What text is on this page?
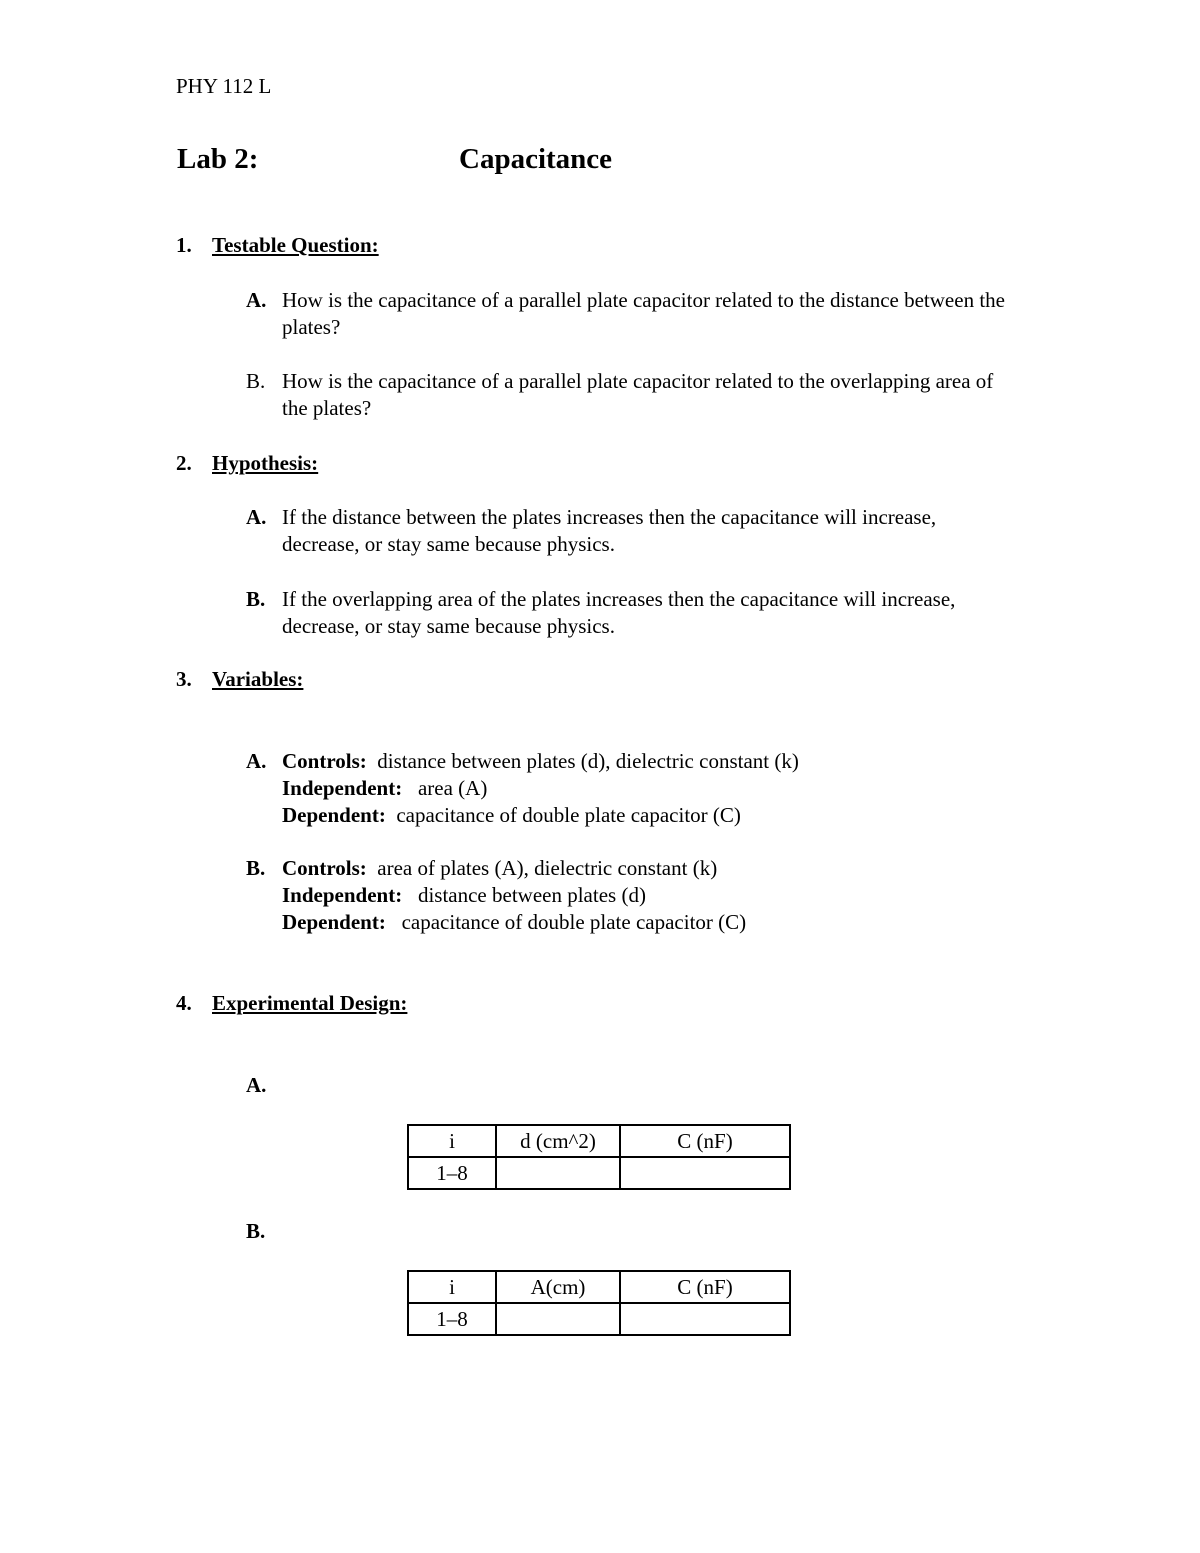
PHY 112 L
Lab 2:	Capacitance
1. Testable Question:
A. How is the capacitance of a parallel plate capacitor related to the distance between the
plates?
B. How is the capacitance of a parallel plate capacitor related to the overlapping area of
the plates?
2. Hypothesis:
A. If the distance between the plates increases then the capacitance will increase,
decrease, or stay same because physics.
B. If the overlapping area of the plates increases then the capacitance will increase,
decrease, or stay same because physics.
3. Variables:
A. Controls: distance between plates (d), dielectric constant (k)
Independent: area (A)
Dependent: capacitance of double plate capacitor (C)
B. Controls: area of plates (A), dielectric constant (k)
Independent: distance between plates (d)
Dependent: capacitance of double plate capacitor (C)
4. Experimental Design:
A.
i	d (cm^2)	C (nF)
1–8		
B.
i	A(cm)	C (nF)
1–8		
